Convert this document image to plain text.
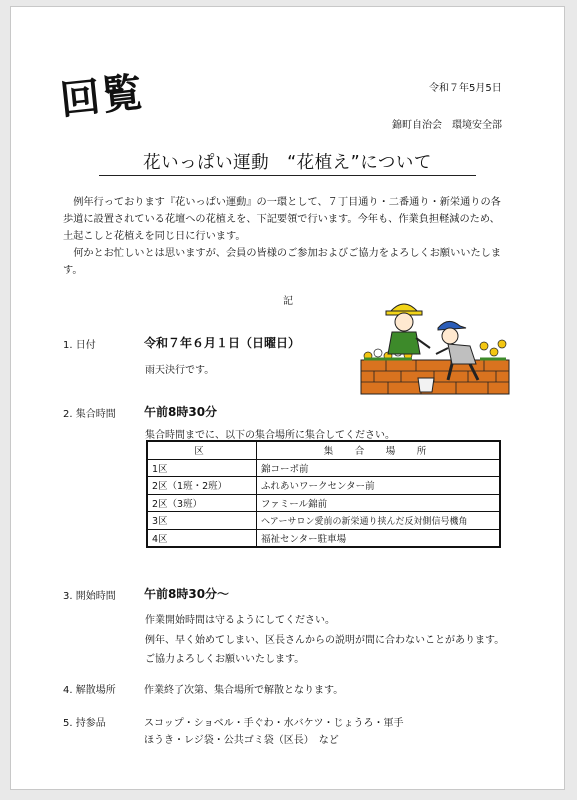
回覧	令和７年5月5日
錦町自治会　環境安全部
花いっぱい運動　“花植え”について
例年行っております『花いっぱい運動』の一環として、７丁目通り・二番通り・新栄通りの各歩道に設置されている花壇への花植えを、下記要領で行います。今年も、作業負担軽減のため、土起こしと花植えを同じ日に行います。
何かとお忙しいとは思いますが、会員の皆様のご参加およびご協力をよろしくお願いいたします。
記
1. 日付	令和７年６月１日（日曜日）
雨天決行です。
2. 集合時間 午前8時30分
集合時間までに、以下の集合場所に集合してください。
区	集　合　場　所
1区	錦コーポ前
2区（1班・2班）	ふれあいワークセンター前
2区（3班）	ファミール錦前
3区	ヘアーサロン愛前の新栄通り挟んだ反対側信号機角
4区	福祉センター駐車場
3. 開始時間 午前8時30分～
作業開始時間は守るようにしてください。
例年、早く始めてしまい、区長さんからの説明が間に合わないことがあります。
ご協力よろしくお願いいたします。
4. 解散場所	作業終了次第、集合場所で解散となります。
5. 持参品	スコップ・ショベル・手ぐわ・水バケツ・じょうろ・軍手
ほうき・レジ袋・公共ゴミ袋（区長）　など
